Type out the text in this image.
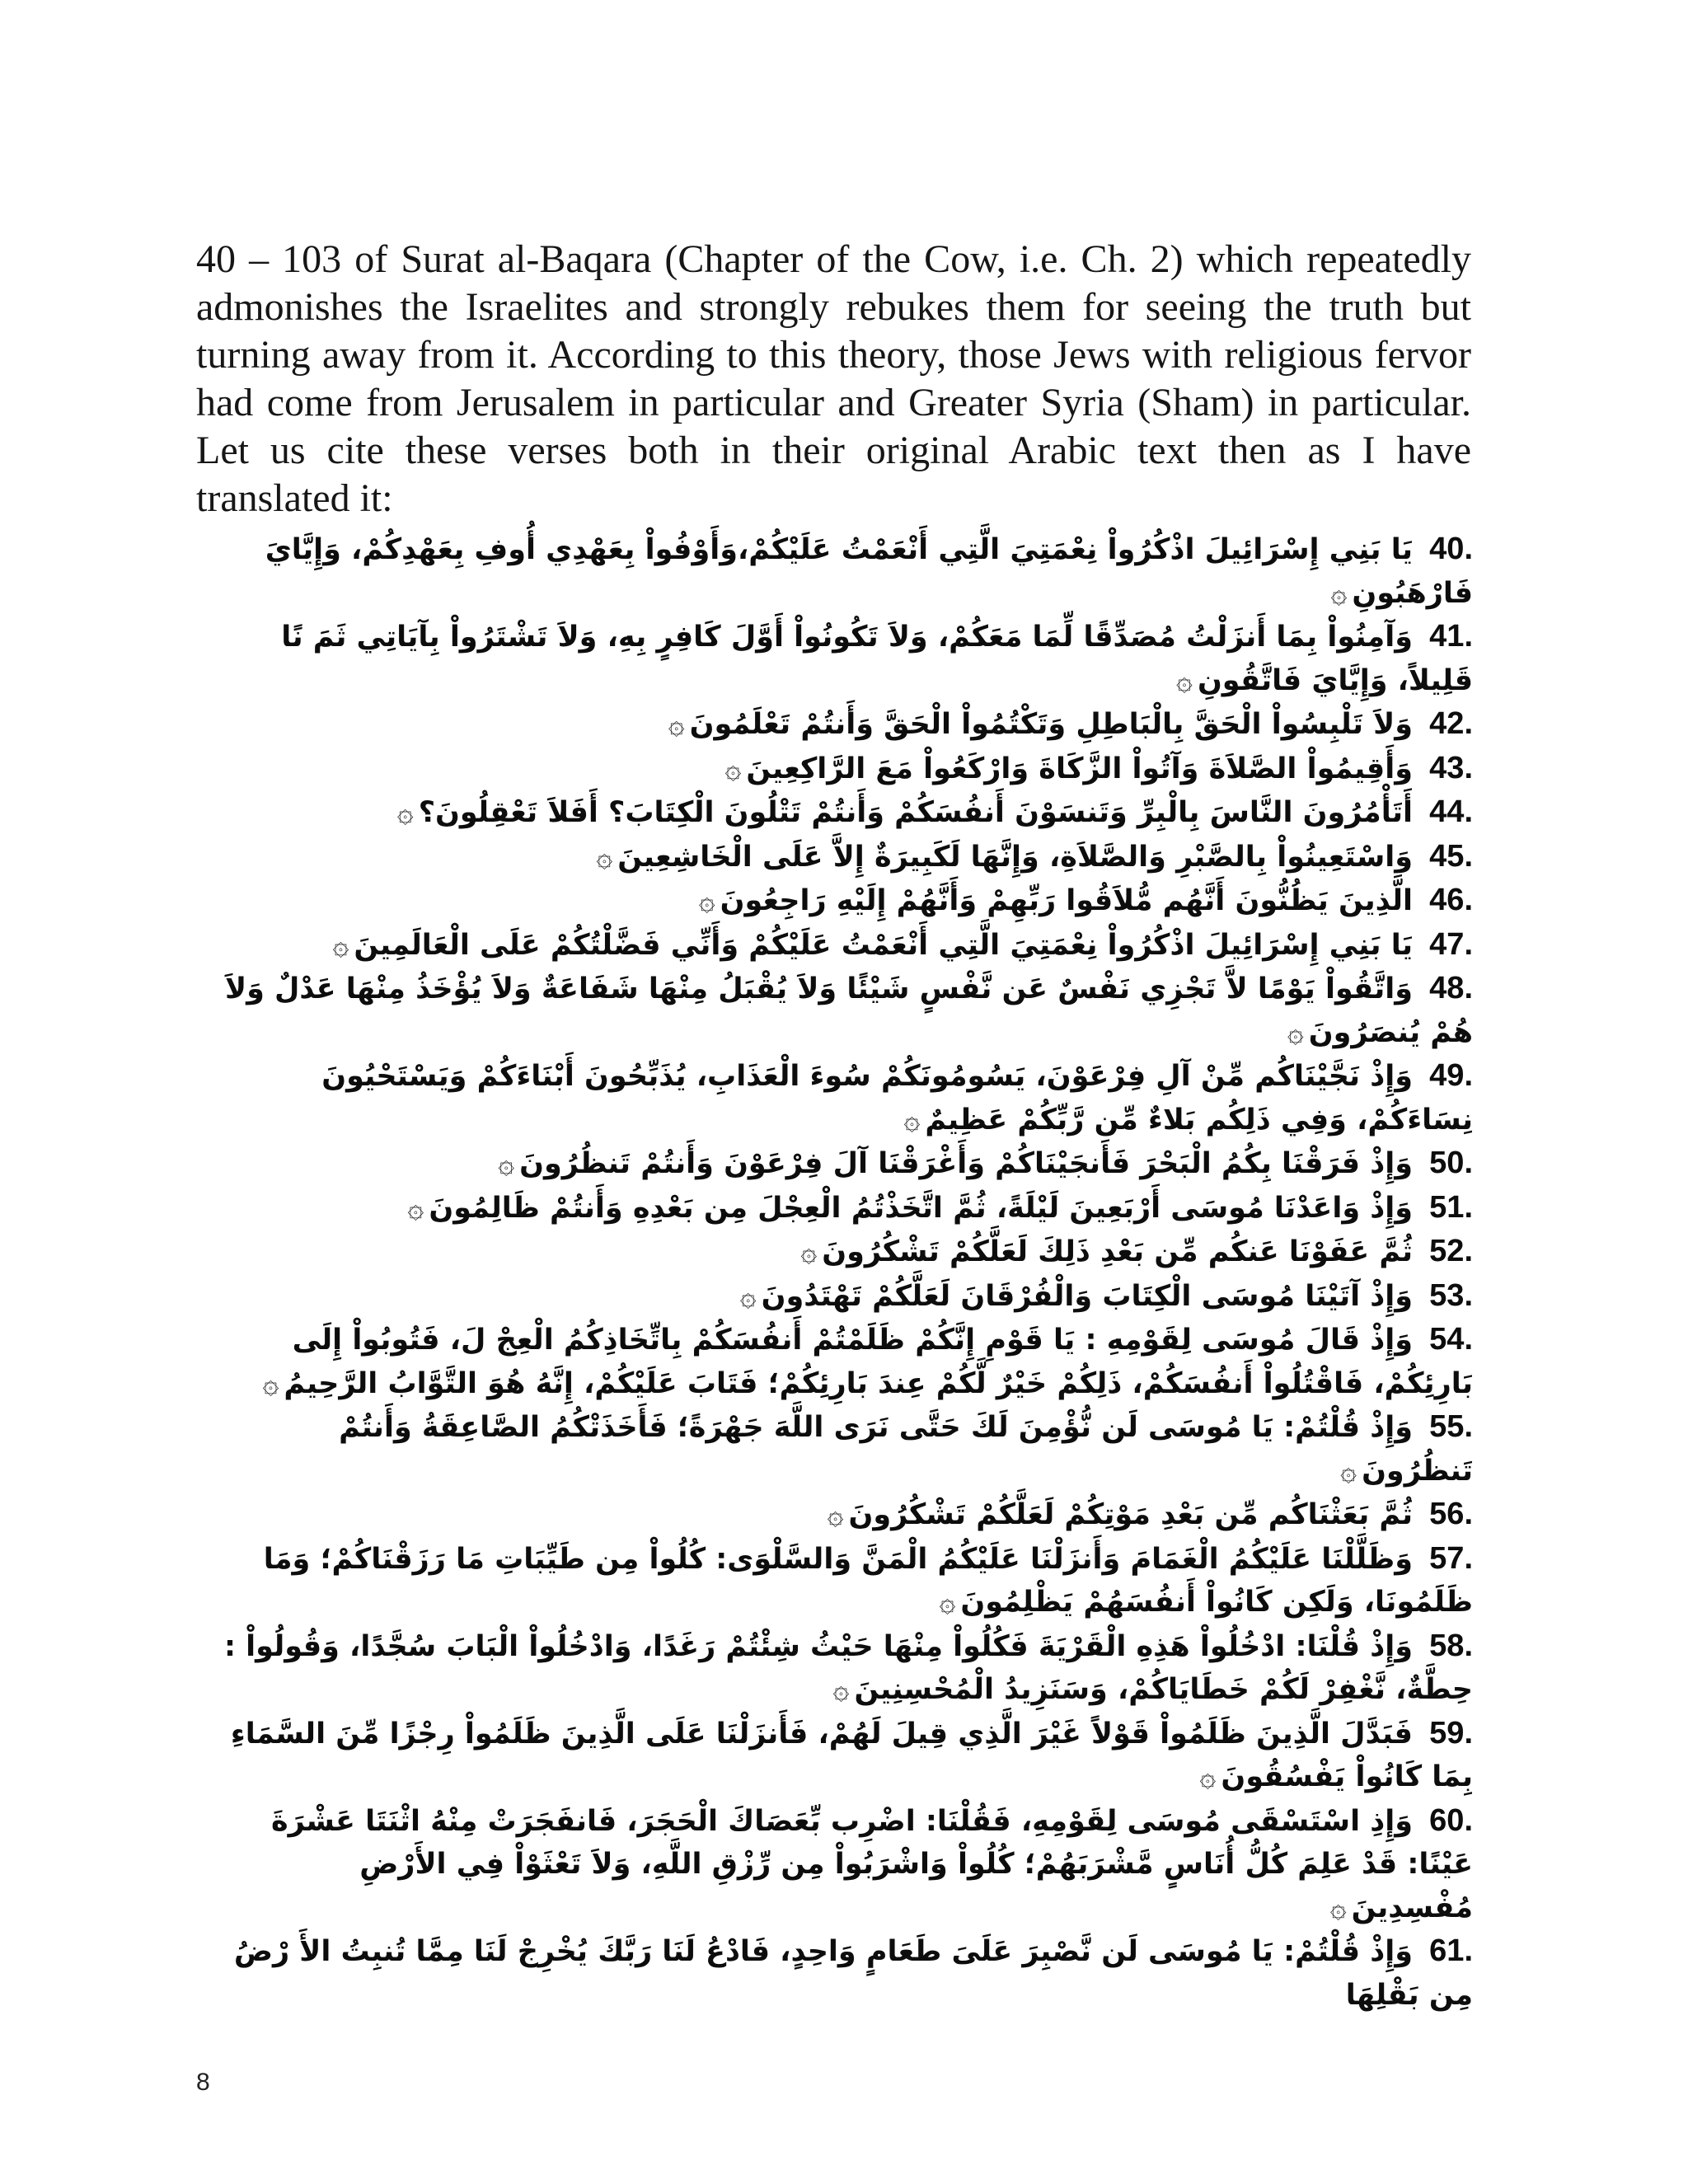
40 – 103 of Surat al-Baqara (Chapter of the Cow, i.e. Ch. 2) which repeatedly admonishes the Israelites and strongly rebukes them for seeing the truth but turning away from it. According to this theory, those Jews with religious fervor had come from Jerusalem in particular and Greater Syria (Sham) in particular. Let us cite these verses both in their original Arabic text then as I have translated it:

40. يَا بَنِي إِسْرَائِيلَ اذْكُرُواْ نِعْمَتِيَ الَّتِي أَنْعَمْتُ عَلَيْكُمْ،وَأَوْفُواْ بِعَهْدِي أُوفِ بِعَهْدِكُمْ، وَإِيَّايَ فَارْهَبُونِ۞

41. وَآمِنُواْ بِمَا أَنزَلْتُ مُصَدِّقًا لِّمَا مَعَكُمْ، وَلاَ تَكُونُواْ أَوَّلَ كَافِرٍ بِهِ، وَلاَ تَشْتَرُواْ بِآيَاتِي ثَمَ نًا قَلِيلاً، وَإِيَّايَ فَاتَّقُونِ۞

42. وَلاَ تَلْبِسُواْ الْحَقَّ بِالْبَاطِلِ وَتَكْتُمُواْ الْحَقَّ وَأَنتُمْ تَعْلَمُونَ۞

43. وَأَقِيمُواْ الصَّلاَةَ وَآتُواْ الزَّكَاةَ وَارْكَعُواْ مَعَ الرَّاكِعِينَ۞

44. أَتَأْمُرُونَ النَّاسَ بِالْبِرِّ وَتَنسَوْنَ أَنفُسَكُمْ وَأَنتُمْ تَتْلُونَ الْكِتَابَ؟ أَفَلاَ تَعْقِلُونَ؟۞

45. وَاسْتَعِينُواْ بِالصَّبْرِ وَالصَّلاَةِ، وَإِنَّهَا لَكَبِيرَةٌ إِلاَّ عَلَى الْخَاشِعِينَ۞

46. الَّذِينَ يَظُنُّونَ أَنَّهُم مُّلاَقُوا رَبِّهِمْ وَأَنَّهُمْ إِلَيْهِ رَاجِعُونَ۞

47. يَا بَنِي إِسْرَائِيلَ اذْكُرُواْ نِعْمَتِيَ الَّتِي أَنْعَمْتُ عَلَيْكُمْ وَأَنِّي فَضَّلْتُكُمْ عَلَى الْعَالَمِينَ۞

48. وَاتَّقُواْ يَوْمًا لاَّ تَجْزِي نَفْسٌ عَن نَّفْسٍ شَيْئًا وَلاَ يُقْبَلُ مِنْهَا شَفَاعَةٌ وَلاَ يُؤْخَذُ مِنْهَا عَدْلٌ وَلاَ هُمْ يُنصَرُونَ۞

49. وَإِذْ نَجَّيْنَاكُم مِّنْ آلِ فِرْعَوْنَ، يَسُومُونَكُمْ سُوءَ الْعَذَابِ، يُذَبِّحُونَ أَبْنَاءَكُمْ وَيَسْتَحْيُونَ نِسَاءَكُمْ، وَفِي ذَلِكُم بَلاءٌ مِّن رَّبِّكُمْ عَظِيمٌ۞

50. وَإِذْ فَرَقْنَا بِكُمُ الْبَحْرَ فَأَنجَيْنَاكُمْ وَأَغْرَقْنَا آلَ فِرْعَوْنَ وَأَنتُمْ تَنظُرُونَ۞

51. وَإِذْ وَاعَدْنَا مُوسَى أَرْبَعِينَ لَيْلَةً، ثُمَّ اتَّخَذْتُمُ الْعِجْلَ مِن بَعْدِهِ وَأَنتُمْ ظَالِمُونَ۞

52. ثُمَّ عَفَوْنَا عَنكُم مِّن بَعْدِ ذَلِكَ لَعَلَّكُمْ تَشْكُرُونَ۞

53. وَإِذْ آتَيْنَا مُوسَى الْكِتَابَ وَالْفُرْقَانَ لَعَلَّكُمْ تَهْتَدُونَ۞

54. وَإِذْ قَالَ مُوسَى لِقَوْمِهِ : يَا قَوْمِ إِنَّكُمْ ظَلَمْتُمْ أَنفُسَكُمْ بِاتِّخَاذِكُمُ الْعِجْ لَ، فَتُوبُواْ إِلَى بَارِئِكُمْ، فَاقْتُلُواْ أَنفُسَكُمْ، ذَلِكُمْ خَيْرٌ لَّكُمْ عِندَ بَارِئِكُمْ؛ فَتَابَ عَلَيْكُمْ، إِنَّهُ هُوَ التَّوَّابُ الرَّحِيمُ۞

55. وَإِذْ قُلْتُمْ: يَا مُوسَى لَن نُّؤْمِنَ لَكَ حَتَّى نَرَى اللَّهَ جَهْرَةً؛ فَأَخَذَتْكُمُ الصَّاعِقَةُ وَأَنتُمْ تَنظُرُونَ۞

56. ثُمَّ بَعَثْنَاكُم مِّن بَعْدِ مَوْتِكُمْ لَعَلَّكُمْ تَشْكُرُونَ۞

57. وَظَلَّلْنَا عَلَيْكُمُ الْغَمَامَ وَأَنزَلْنَا عَلَيْكُمُ الْمَنَّ وَالسَّلْوَى: كُلُواْ مِن طَيِّبَاتِ مَا رَزَقْنَاكُمْ؛ وَمَا ظَلَمُونَا، وَلَكِن كَانُواْ أَنفُسَهُمْ يَظْلِمُونَ۞

58. وَإِذْ قُلْنَا: ادْخُلُواْ هَذِهِ الْقَرْيَةَ فَكُلُواْ مِنْهَا حَيْثُ شِئْتُمْ رَغَدًا، وَادْخُلُواْ الْبَابَ سُجَّدًا، وَقُولُواْ : حِطَّةٌ، نَّغْفِرْ لَكُمْ خَطَايَاكُمْ، وَسَنَزِيدُ الْمُحْسِنِينَ۞

59. فَبَدَّلَ الَّذِينَ ظَلَمُواْ قَوْلاً غَيْرَ الَّذِي قِيلَ لَهُمْ، فَأَنزَلْنَا عَلَى الَّذِينَ ظَلَمُواْ رِجْزًا مِّنَ السَّمَاءِ بِمَا كَانُواْ يَفْسُقُونَ۞

60. وَإِذِ اسْتَسْقَى مُوسَى لِقَوْمِهِ، فَقُلْنَا: اضْرِب بِّعَصَاكَ الْحَجَرَ، فَانفَجَرَتْ مِنْهُ اثْنَتَا عَشْرَةَ عَيْنًا: قَدْ عَلِمَ كُلُّ أُنَاسٍ مَّشْرَبَهُمْ؛ كُلُواْ وَاشْرَبُواْ مِن رِّزْقِ اللَّهِ، وَلاَ تَعْثَوْاْ فِي الأَرْضِ مُفْسِدِينَ۞

61. وَإِذْ قُلْتُمْ: يَا مُوسَى لَن نَّصْبِرَ عَلَىَ طَعَامٍ وَاحِدٍ، فَادْعُ لَنَا رَبَّكَ يُخْرِجْ لَنَا مِمَّا تُنبِتُ الأَ رْضُ مِن بَقْلِهَا

8
